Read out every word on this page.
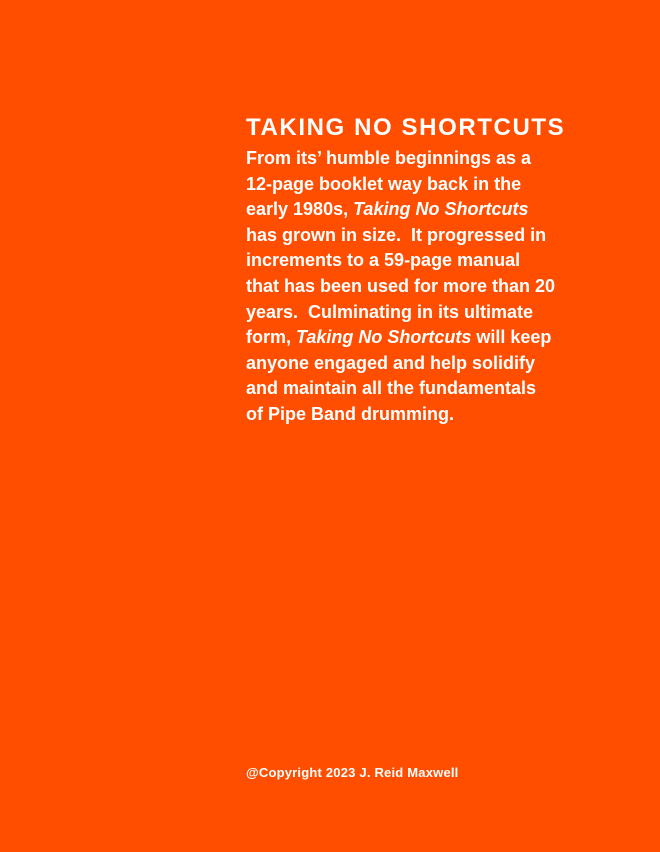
TAKING NO SHORTCUTS
From its’ humble beginnings as a
12-page booklet way back in the
early 1980s, Taking No Shortcuts
has grown in size.  It progressed in
increments to a 59-page manual
that has been used for more than 20
years.  Culminating in its ultimate
form, Taking No Shortcuts will keep
anyone engaged and help solidify
and maintain all the fundamentals
of Pipe Band drumming.
@Copyright 2023 J. Reid Maxwell
